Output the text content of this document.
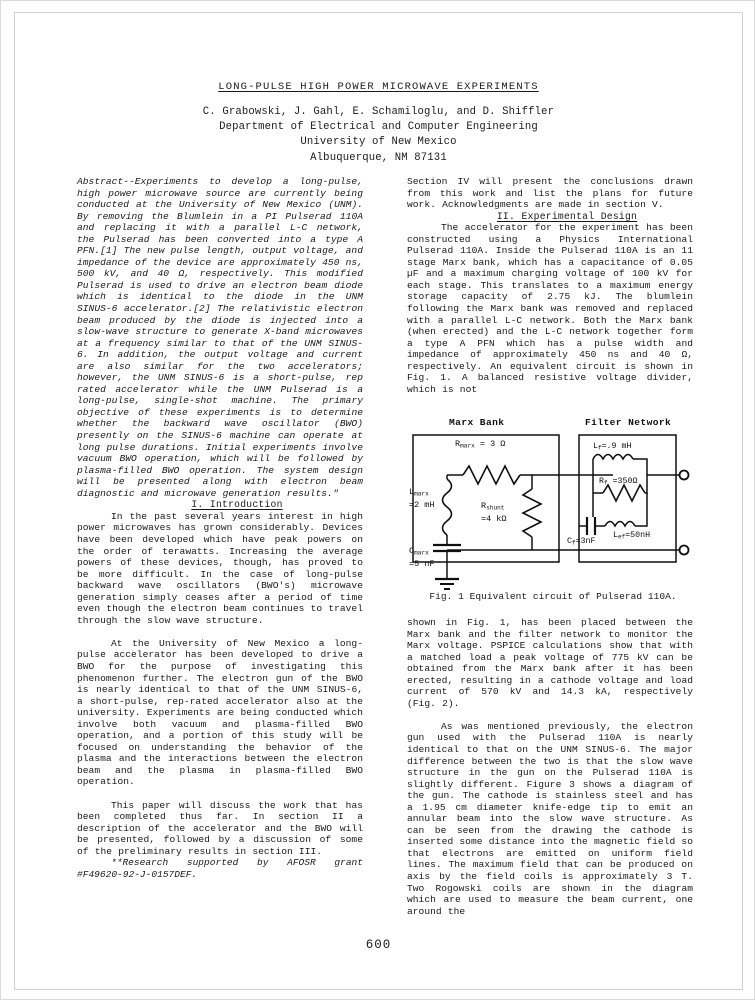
LONG-PULSE HIGH POWER MICROWAVE EXPERIMENTS
C. Grabowski, J. Gahl, E. Schamiloglu, and D. Shiffler
Department of Electrical and Computer Engineering
University of New Mexico
Albuquerque, NM 87131

Abstract--Experiments to develop a long-pulse, high power microwave source are currently being conducted at the University of New Mexico (UNM). By removing the Blumlein in a PI Pulserad 110A and replacing it with a parallel L-C network, the Pulserad has been converted into a type A PFN.[1] The new pulse length, output voltage, and impedance of the device are approximately 450 ns, 500 kV, and 40 Ω, respectively. This modified Pulserad is used to drive an electron beam diode which is identical to the diode in the UNM SINUS-6 accelerator.[2] The relativistic electron beam produced by the diode is injected into a slow-wave structure to generate X-band microwaves at a frequency similar to that of the UNM SINUS-6. In addition, the output voltage and current are also similar for the two accelerators; however, the UNM SINUS-6 is a short-pulse, rep rated accelerator while the UNM Pulserad is a long-pulse, single-shot machine. The primary objective of these experiments is to determine whether the backward wave oscillator (BWO) presently on the SINUS-6 machine can operate at long pulse durations. Initial experiments involve vacuum BWO operation, which will be followed by plasma-filled BWO operation. The system design will be presented along with electron beam diagnostic and microwave generation results."

I. Introduction

In the past several years interest in high power microwaves has grown considerably. Devices have been developed which have peak powers on the order of terawatts. Increasing the average powers of these devices, though, has proved to be more difficult. In the case of long-pulse backward wave oscillators (BWO's) microwave generation simply ceases after a period of time even though the electron beam continues to travel through the slow wave structure.

At the University of New Mexico a long-pulse accelerator has been developed to drive a BWO for the purpose of investigating this phenomenon further. The electron gun of the BWO is nearly identical to that of the UNM SINUS-6, a short-pulse, rep-rated accelerator also at the university. Experiments are being conducted which involve both vacuum and plasma-filled BWO operation, and a portion of this study will be focused on understanding the behavior of the plasma and the interactions between the electron beam and the plasma in plasma-filled BWO operation.

This paper will discuss the work that has been completed thus far. In section II a description of the accelerator and the BWO will be presented, followed by a discussion of some of the preliminary results in section III.

**Research supported by AFOSR grant #F49620-92-J-0157DEF.

Section IV will present the conclusions drawn from this work and list the plans for future work. Acknowledgments are made in section V.

II. Experimental Design

The accelerator for the experiment has been constructed using a Physics International Pulserad 110A. Inside the Pulserad 110A is an 11 stage Marx bank, which has a capacitance of 0.05 µF and a maximum charging voltage of 100 kV for each stage. This translates to a maximum energy storage capacity of 2.75 kJ. The blumlein following the Marx bank was removed and replaced with a parallel L-C network. Both the Marx bank (when erected) and the L-C network together form a type A PFN which has a pulse width and impedance of approximately 450 ns and 40 Ω, respectively. An equivalent circuit is shown in Fig. 1. A balanced resistive voltage divider, which is not

Marx Bank	Filter Network
$R_{marx} = 3$ Ω
$L_{marx}$
=2 mH
$C_{marx}$
=5 nF
$R_{shunt}$
=4 kΩ
$L_f=.9$ mH
$R_f =350\Omega$
$L_{ef}=50nH$
$C_f=3nF$
Fig. 1 Equivalent circuit of Pulserad 110A.

shown in Fig. 1, has been placed between the Marx bank and the filter network to monitor the Marx voltage. PSPICE calculations show that with a matched load a peak voltage of 775 kV can be obtained from the Marx bank after it has been erected, resulting in a cathode voltage and load current of 570 kV and 14.3 kA, respectively (Fig. 2).

As was mentioned previously, the electron gun used with the Pulserad 110A is nearly identical to that on the UNM SINUS-6. The major difference between the two is that the slow wave structure in the gun on the Pulserad 110A is slightly different. Figure 3 shows a diagram of the gun. The cathode is stainless steel and has a 1.95 cm diameter knife-edge tip to emit an annular beam into the slow wave structure. As can be seen from the drawing the cathode is inserted some distance into the magnetic field so that electrons are emitted on uniform field lines. The maximum field that can be produced on axis by the field coils is approximately 3 T. Two Rogowski coils are shown in the diagram which are used to measure the beam current, one around the

600
